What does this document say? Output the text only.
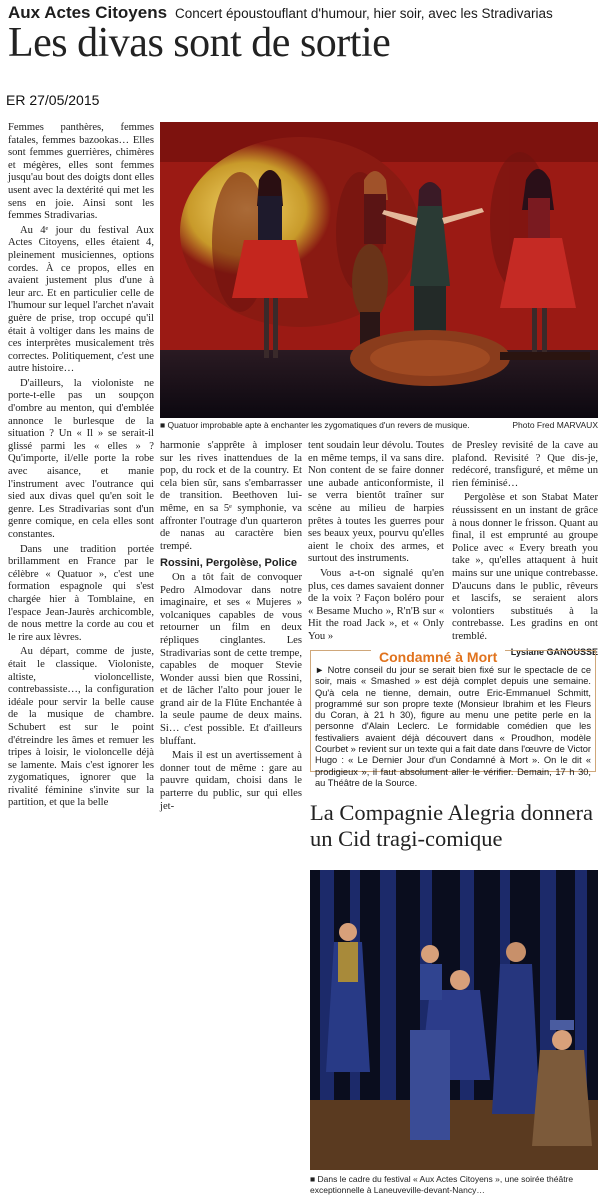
Aux Actes Citoyens Concert époustouflant d'humour, hier soir, avec les Stradivarias
Les divas sont de sortie
ER 27/05/2015

Femmes panthères, femmes fatales, femmes bazookas… Elles sont femmes guerrières, chimères et mégères, elles sont femmes jusqu'au bout des doigts dont elles usent avec la dextérité qui met les sens en joie. Ainsi sont les femmes Stradivarias.

Au 4ᵉ jour du festival Aux Actes Citoyens, elles étaient 4, pleinement musiciennes, options cordes. À ce propos, elles en avaient justement plus d'une à leur arc. Et en particulier celle de l'humour sur lequel l'archet n'avait guère de prise, trop occupé qu'il était à voltiger dans les mains de ces interprètes musicalement très correctes. Politiquement, c'est une autre histoire…

D'ailleurs, la violoniste ne porte-t-elle pas un soupçon d'ombre au menton, qui d'emblée annonce le burlesque de la situation ? Un « Il » se serait-il glissé parmi les « elles » ? Qu'importe, il/elle porte la robe avec aisance, et manie l'instrument avec l'outrance qui sied aux divas quel qu'en soit le genre. Les Stradivarias sont d'un genre comique, en cela elles sont constantes.

Dans une tradition portée brillamment en France par le célèbre « Quatuor », c'est une formation espagnole qui s'est chargée hier à Tomblaine, en l'espace Jean-Jaurès archicomble, de nous mettre la corde au cou et le rire aux lèvres.

Au départ, comme de juste, était le classique. Violoniste, altiste, violoncelliste, contrebassiste…, la configuration idéale pour servir la belle cause de la musique de chambre. Schubert est sur le point d'étreindre les âmes et remuer les tripes à loisir, le violoncelle déjà se lamente. Mais c'est ignorer les zygomatiques, ignorer que la rivalité féminine s'invite sur la partition, et que la belle

■ Quatuor improbable apte à enchanter les zygomatiques d'un revers de musique.	Photo Fred MARVAUX

harmonie s'apprête à imploser sur les rives inattendues de la pop, du rock et de la country. Et cela bien sûr, sans s'embarrasser de transition. Beethoven lui-même, en sa 5ᵉ symphonie, va affronter l'outrage d'un quarteron de nanas au caractère bien trempé.

Rossini, Pergolèse, Police

On a tôt fait de convoquer Pedro Almodovar dans notre imaginaire, et ses « Mujeres » volcaniques capables de vous retourner un film en deux répliques cinglantes. Les Stradivarias sont de cette trempe, capables de moquer Stevie Wonder aussi bien que Rossini, et de lâcher l'alto pour jouer le grand air de la Flûte Enchantée à la seule paume de deux mains. Si… c'est possible. Et d'ailleurs bluffant.

Mais il est un avertissement à donner tout de même : gare au pauvre quidam, choisi dans le parterre du public, sur qui elles jet-

tent soudain leur dévolu. Toutes en même temps, il va sans dire. Non content de se faire donner une aubade anticonformiste, il se verra bientôt traîner sur scène au milieu de harpies prêtes à toutes les guerres pour ses beaux yeux, pourvu qu'elles aient le choix des armes, et surtout des instruments.

Vous a-t-on signalé qu'en plus, ces dames savaient donner de la voix ? Façon boléro pour « Besame Mucho », R'n'B sur « Hit the road Jack », et « Only You »

de Presley revisité de la cave au plafond. Revisité ? Que dis-je, redécoré, transfiguré, et même un rien féminisé…

Pergolèse et son Stabat Mater réussissent en un instant de grâce à nous donner le frisson. Quant au final, il est emprunté au groupe Police avec « Every breath you take », qu'elles attaquent à huit mains sur une unique contrebasse. D'aucuns dans le public, rêveurs et lascifs, se seraient alors volontiers substitués à la contrebasse. Les gradins en ont tremblé.

Lysiane GANOUSSE
Condamné à Mort
► Notre conseil du jour se serait bien fixé sur le spectacle de ce soir, mais « Smashed » est déjà complet depuis une semaine. Qu'à cela ne tienne, demain, outre Eric-Emmanuel Schmitt, programmé sur son propre texte (Monsieur Ibrahim et les Fleurs du Coran, à 21 h 30), figure au menu une petite perle en la personne d'Alain Leclerc. Le formidable comédien que les festivaliers avaient déjà découvert dans « Proudhon, modèle Courbet » revient sur un texte qui a fait date dans l'œuvre de Victor Hugo : « Le Dernier Jour d'un Condamné à Mort ». On le dit « prodigieux », il faut absolument aller le vérifier. Demain, 17 h 30, au Théâtre de la Source.
La Compagnie Alegria donnera un Cid tragi-comique
■ Dans le cadre du festival « Aux Actes Citoyens », une soirée théâtre exceptionnelle à Laneuveville-devant-Nancy…
